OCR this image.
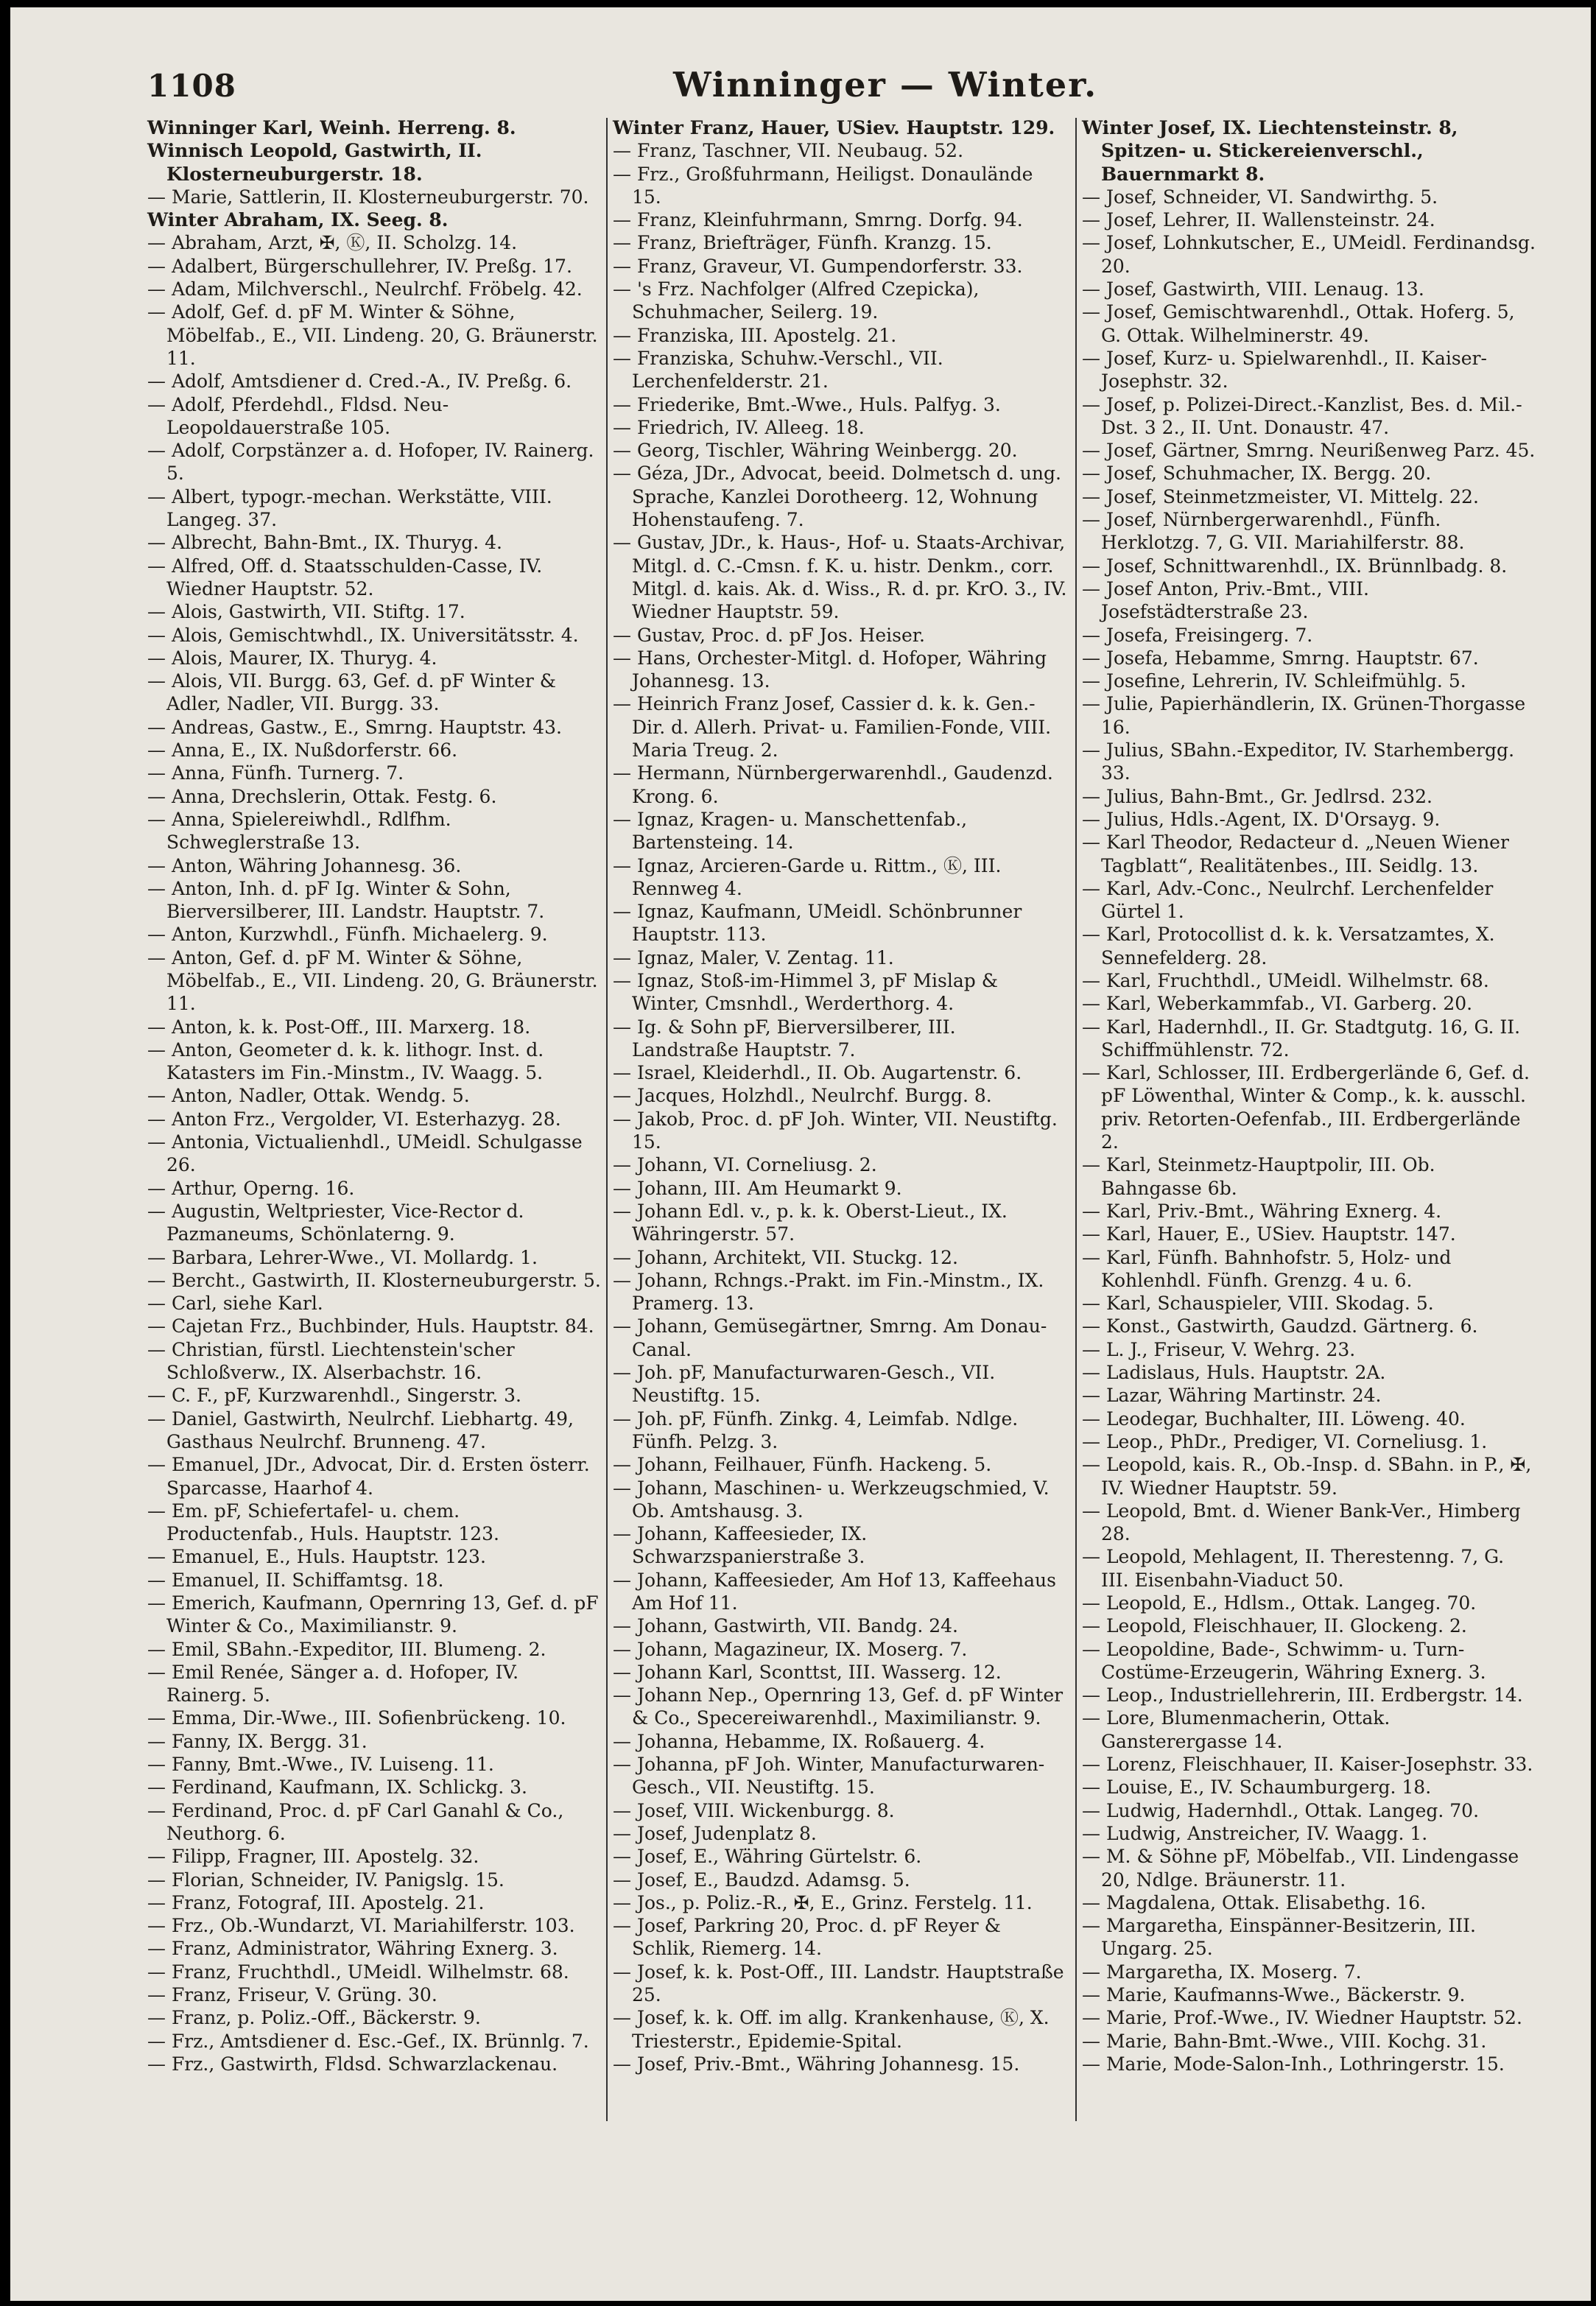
1108	Winninger — Winter.

Winninger Karl, Weinh. Herreng. 8.

Winnisch Leopold, Gastwirth, II. Klosterneuburgerstr. 18.

— Marie, Sattlerin, II. Klosterneuburgerstr. 70.

Winter Abraham, IX. Seeg. 8.

— Abraham, Arzt, ✠, Ⓚ, II. Scholzg. 14.

— Adalbert, Bürgerschullehrer, IV. Preßg. 17.

— Adam, Milchverschl., Neulrchf. Fröbelg. 42.

— Adolf, Gef. d. pF M. Winter & Söhne, Möbelfab., E., VII. Lindeng. 20, G. Bräunerstr. 11.

— Adolf, Amtsdiener d. Cred.-A., IV. Preßg. 6.

— Adolf, Pferdehdl., Fldsd. Neu-Leopoldauerstraße 105.

— Adolf, Corpstänzer a. d. Hofoper, IV. Rainerg. 5.

— Albert, typogr.-mechan. Werkstätte, VIII. Langeg. 37.

— Albrecht, Bahn-Bmt., IX. Thuryg. 4.

— Alfred, Off. d. Staatsschulden-Casse, IV. Wiedner Hauptstr. 52.

— Alois, Gastwirth, VII. Stiftg. 17.

— Alois, Gemischtwhdl., IX. Universitätsstr. 4.

— Alois, Maurer, IX. Thuryg. 4.

— Alois, VII. Burgg. 63, Gef. d. pF Winter & Adler, Nadler, VII. Burgg. 33.

— Andreas, Gastw., E., Smrng. Hauptstr. 43.

— Anna, E., IX. Nußdorferstr. 66.

— Anna, Fünfh. Turnerg. 7.

— Anna, Drechslerin, Ottak. Festg. 6.

— Anna, Spielereiwhdl., Rdlfhm. Schweglerstraße 13.

— Anton, Währing Johannesg. 36.

— Anton, Inh. d. pF Ig. Winter & Sohn, Bierversilberer, III. Landstr. Hauptstr. 7.

— Anton, Kurzwhdl., Fünfh. Michaelerg. 9.

— Anton, Gef. d. pF M. Winter & Söhne, Möbelfab., E., VII. Lindeng. 20, G. Bräunerstr. 11.

— Anton, k. k. Post-Off., III. Marxerg. 18.

— Anton, Geometer d. k. k. lithogr. Inst. d. Katasters im Fin.-Minstm., IV. Waagg. 5.

— Anton, Nadler, Ottak. Wendg. 5.

— Anton Frz., Vergolder, VI. Esterhazyg. 28.

— Antonia, Victualienhdl., UMeidl. Schulgasse 26.

— Arthur, Operng. 16.

— Augustin, Weltpriester, Vice-Rector d. Pazmaneums, Schönlaterng. 9.

— Barbara, Lehrer-Wwe., VI. Mollardg. 1.

— Bercht., Gastwirth, II. Klosterneuburgerstr. 5.

— Carl, siehe Karl.

— Cajetan Frz., Buchbinder, Huls. Hauptstr. 84.

— Christian, fürstl. Liechtenstein'scher Schloßverw., IX. Alserbachstr. 16.

— C. F., pF, Kurzwarenhdl., Singerstr. 3.

— Daniel, Gastwirth, Neulrchf. Liebhartg. 49, Gasthaus Neulrchf. Brunneng. 47.

— Emanuel, JDr., Advocat, Dir. d. Ersten österr. Sparcasse, Haarhof 4.

— Em. pF, Schiefertafel- u. chem. Productenfab., Huls. Hauptstr. 123.

— Emanuel, E., Huls. Hauptstr. 123.

— Emanuel, II. Schiffamtsg. 18.

— Emerich, Kaufmann, Opernring 13, Gef. d. pF Winter & Co., Maximilianstr. 9.

— Emil, SBahn.-Expeditor, III. Blumeng. 2.

— Emil Renée, Sänger a. d. Hofoper, IV. Rainerg. 5.

— Emma, Dir.-Wwe., III. Sofienbrückeng. 10.

— Fanny, IX. Bergg. 31.

— Fanny, Bmt.-Wwe., IV. Luiseng. 11.

— Ferdinand, Kaufmann, IX. Schlickg. 3.

— Ferdinand, Proc. d. pF Carl Ganahl & Co., Neuthorg. 6.

— Filipp, Fragner, III. Apostelg. 32.

— Florian, Schneider, IV. Panigslg. 15.

— Franz, Fotograf, III. Apostelg. 21.

— Frz., Ob.-Wundarzt, VI. Mariahilferstr. 103.

— Franz, Administrator, Währing Exnerg. 3.

— Franz, Fruchthdl., UMeidl. Wilhelmstr. 68.

— Franz, Friseur, V. Grüng. 30.

— Franz, p. Poliz.-Off., Bäckerstr. 9.

— Frz., Amtsdiener d. Esc.-Gef., IX. Brünnlg. 7.

— Frz., Gastwirth, Fldsd. Schwarzlackenau.

Winter Franz, Hauer, USiev. Hauptstr. 129.

— Franz, Taschner, VII. Neubaug. 52.

— Frz., Großfuhrmann, Heiligst. Donaulände 15.

— Franz, Kleinfuhrmann, Smrng. Dorfg. 94.

— Franz, Briefträger, Fünfh. Kranzg. 15.

— Franz, Graveur, VI. Gumpendorferstr. 33.

— 's Frz. Nachfolger (Alfred Czepicka), Schuhmacher, Seilerg. 19.

— Franziska, III. Apostelg. 21.

— Franziska, Schuhw.-Verschl., VII. Lerchenfelderstr. 21.

— Friederike, Bmt.-Wwe., Huls. Palfyg. 3.

— Friedrich, IV. Alleeg. 18.

— Georg, Tischler, Währing Weinbergg. 20.

— Géza, JDr., Advocat, beeid. Dolmetsch d. ung. Sprache, Kanzlei Dorotheerg. 12, Wohnung Hohenstaufeng. 7.

— Gustav, JDr., k. Haus-, Hof- u. Staats-Archivar, Mitgl. d. C.-Cmsn. f. K. u. histr. Denkm., corr. Mitgl. d. kais. Ak. d. Wiss., R. d. pr. KrO. 3., IV. Wiedner Hauptstr. 59.

— Gustav, Proc. d. pF Jos. Heiser.

— Hans, Orchester-Mitgl. d. Hofoper, Währing Johannesg. 13.

— Heinrich Franz Josef, Cassier d. k. k. Gen.-Dir. d. Allerh. Privat- u. Familien-Fonde, VIII. Maria Treug. 2.

— Hermann, Nürnbergerwarenhdl., Gaudenzd. Krong. 6.

— Ignaz, Kragen- u. Manschettenfab., Bartensteing. 14.

— Ignaz, Arcieren-Garde u. Rittm., Ⓚ, III. Rennweg 4.

— Ignaz, Kaufmann, UMeidl. Schönbrunner Hauptstr. 113.

— Ignaz, Maler, V. Zentag. 11.

— Ignaz, Stoß-im-Himmel 3, pF Mislap & Winter, Cmsnhdl., Werderthorg. 4.

— Ig. & Sohn pF, Bierversilberer, III. Landstraße Hauptstr. 7.

— Israel, Kleiderhdl., II. Ob. Augartenstr. 6.

— Jacques, Holzhdl., Neulrchf. Burgg. 8.

— Jakob, Proc. d. pF Joh. Winter, VII. Neustiftg. 15.

— Johann, VI. Corneliusg. 2.

— Johann, III. Am Heumarkt 9.

— Johann Edl. v., p. k. k. Oberst-Lieut., IX. Währingerstr. 57.

— Johann, Architekt, VII. Stuckg. 12.

— Johann, Rchngs.-Prakt. im Fin.-Minstm., IX. Pramerg. 13.

— Johann, Gemüsegärtner, Smrng. Am Donau-Canal.

— Joh. pF, Manufacturwaren-Gesch., VII. Neustiftg. 15.

— Joh. pF, Fünfh. Zinkg. 4, Leimfab. Ndlge. Fünfh. Pelzg. 3.

— Johann, Feilhauer, Fünfh. Hackeng. 5.

— Johann, Maschinen- u. Werkzeugschmied, V. Ob. Amtshausg. 3.

— Johann, Kaffeesieder, IX. Schwarzspanierstraße 3.

— Johann, Kaffeesieder, Am Hof 13, Kaffeehaus Am Hof 11.

— Johann, Gastwirth, VII. Bandg. 24.

— Johann, Magazineur, IX. Moserg. 7.

— Johann Karl, Sconttst, III. Wasserg. 12.

— Johann Nep., Opernring 13, Gef. d. pF Winter & Co., Specereiwarenhdl., Maximilianstr. 9.

— Johanna, Hebamme, IX. Roßauerg. 4.

— Johanna, pF Joh. Winter, Manufacturwaren-Gesch., VII. Neustiftg. 15.

— Josef, VIII. Wickenburgg. 8.

— Josef, Judenplatz 8.

— Josef, E., Währing Gürtelstr. 6.

— Josef, E., Baudzd. Adamsg. 5.

— Jos., p. Poliz.-R., ✠, E., Grinz. Ferstelg. 11.

— Josef, Parkring 20, Proc. d. pF Reyer & Schlik, Riemerg. 14.

— Josef, k. k. Post-Off., III. Landstr. Hauptstraße 25.

— Josef, k. k. Off. im allg. Krankenhause, Ⓚ, X. Triesterstr., Epidemie-Spital.

— Josef, Priv.-Bmt., Währing Johannesg. 15.

Winter Josef, IX. Liechtensteinstr. 8, Spitzen- u. Stickereienverschl., Bauernmarkt 8.

— Josef, Schneider, VI. Sandwirthg. 5.

— Josef, Lehrer, II. Wallensteinstr. 24.

— Josef, Lohnkutscher, E., UMeidl. Ferdinandsg. 20.

— Josef, Gastwirth, VIII. Lenaug. 13.

— Josef, Gemischtwarenhdl., Ottak. Hoferg. 5, G. Ottak. Wilhelminerstr. 49.

— Josef, Kurz- u. Spielwarenhdl., II. Kaiser-Josephstr. 32.

— Josef, p. Polizei-Direct.-Kanzlist, Bes. d. Mil.-Dst. 3 2., II. Unt. Donaustr. 47.

— Josef, Gärtner, Smrng. Neurißenweg Parz. 45.

— Josef, Schuhmacher, IX. Bergg. 20.

— Josef, Steinmetzmeister, VI. Mittelg. 22.

— Josef, Nürnbergerwarenhdl., Fünfh. Herklotzg. 7, G. VII. Mariahilferstr. 88.

— Josef, Schnittwarenhdl., IX. Brünnlbadg. 8.

— Josef Anton, Priv.-Bmt., VIII. Josefstädterstraße 23.

— Josefa, Freisingerg. 7.

— Josefa, Hebamme, Smrng. Hauptstr. 67.

— Josefine, Lehrerin, IV. Schleifmühlg. 5.

— Julie, Papierhändlerin, IX. Grünen-Thorgasse 16.

— Julius, SBahn.-Expeditor, IV. Starhembergg. 33.

— Julius, Bahn-Bmt., Gr. Jedlrsd. 232.

— Julius, Hdls.-Agent, IX. D'Orsayg. 9.

— Karl Theodor, Redacteur d. „Neuen Wiener Tagblatt“, Realitätenbes., III. Seidlg. 13.

— Karl, Adv.-Conc., Neulrchf. Lerchenfelder Gürtel 1.

— Karl, Protocollist d. k. k. Versatzamtes, X. Sennefelderg. 28.

— Karl, Fruchthdl., UMeidl. Wilhelmstr. 68.

— Karl, Weberkammfab., VI. Garberg. 20.

— Karl, Hadernhdl., II. Gr. Stadtgutg. 16, G. II. Schiffmühlenstr. 72.

— Karl, Schlosser, III. Erdbergerlände 6, Gef. d. pF Löwenthal, Winter & Comp., k. k. ausschl. priv. Retorten-Oefenfab., III. Erdbergerlände 2.

— Karl, Steinmetz-Hauptpolir, III. Ob. Bahngasse 6b.

— Karl, Priv.-Bmt., Währing Exnerg. 4.

— Karl, Hauer, E., USiev. Hauptstr. 147.

— Karl, Fünfh. Bahnhofstr. 5, Holz- und Kohlenhdl. Fünfh. Grenzg. 4 u. 6.

— Karl, Schauspieler, VIII. Skodag. 5.

— Konst., Gastwirth, Gaudzd. Gärtnerg. 6.

— L. J., Friseur, V. Wehrg. 23.

— Ladislaus, Huls. Hauptstr. 2A.

— Lazar, Währing Martinstr. 24.

— Leodegar, Buchhalter, III. Löweng. 40.

— Leop., PhDr., Prediger, VI. Corneliusg. 1.

— Leopold, kais. R., Ob.-Insp. d. SBahn. in P., ✠, IV. Wiedner Hauptstr. 59.

— Leopold, Bmt. d. Wiener Bank-Ver., Himberg 28.

— Leopold, Mehlagent, II. Therestenng. 7, G. III. Eisenbahn-Viaduct 50.

— Leopold, E., Hdlsm., Ottak. Langeg. 70.

— Leopold, Fleischhauer, II. Glockeng. 2.

— Leopoldine, Bade-, Schwimm- u. Turn-Costüme-Erzeugerin, Währing Exnerg. 3.

— Leop., Industriellehrerin, III. Erdbergstr. 14.

— Lore, Blumenmacherin, Ottak. Gansterergasse 14.

— Lorenz, Fleischhauer, II. Kaiser-Josephstr. 33.

— Louise, E., IV. Schaumburgerg. 18.

— Ludwig, Hadernhdl., Ottak. Langeg. 70.

— Ludwig, Anstreicher, IV. Waagg. 1.

— M. & Söhne pF, Möbelfab., VII. Lindengasse 20, Ndlge. Bräunerstr. 11.

— Magdalena, Ottak. Elisabethg. 16.

— Margaretha, Einspänner-Besitzerin, III. Ungarg. 25.

— Margaretha, IX. Moserg. 7.

— Marie, Kaufmanns-Wwe., Bäckerstr. 9.

— Marie, Prof.-Wwe., IV. Wiedner Hauptstr. 52.

— Marie, Bahn-Bmt.-Wwe., VIII. Kochg. 31.

— Marie, Mode-Salon-Inh., Lothringerstr. 15.
